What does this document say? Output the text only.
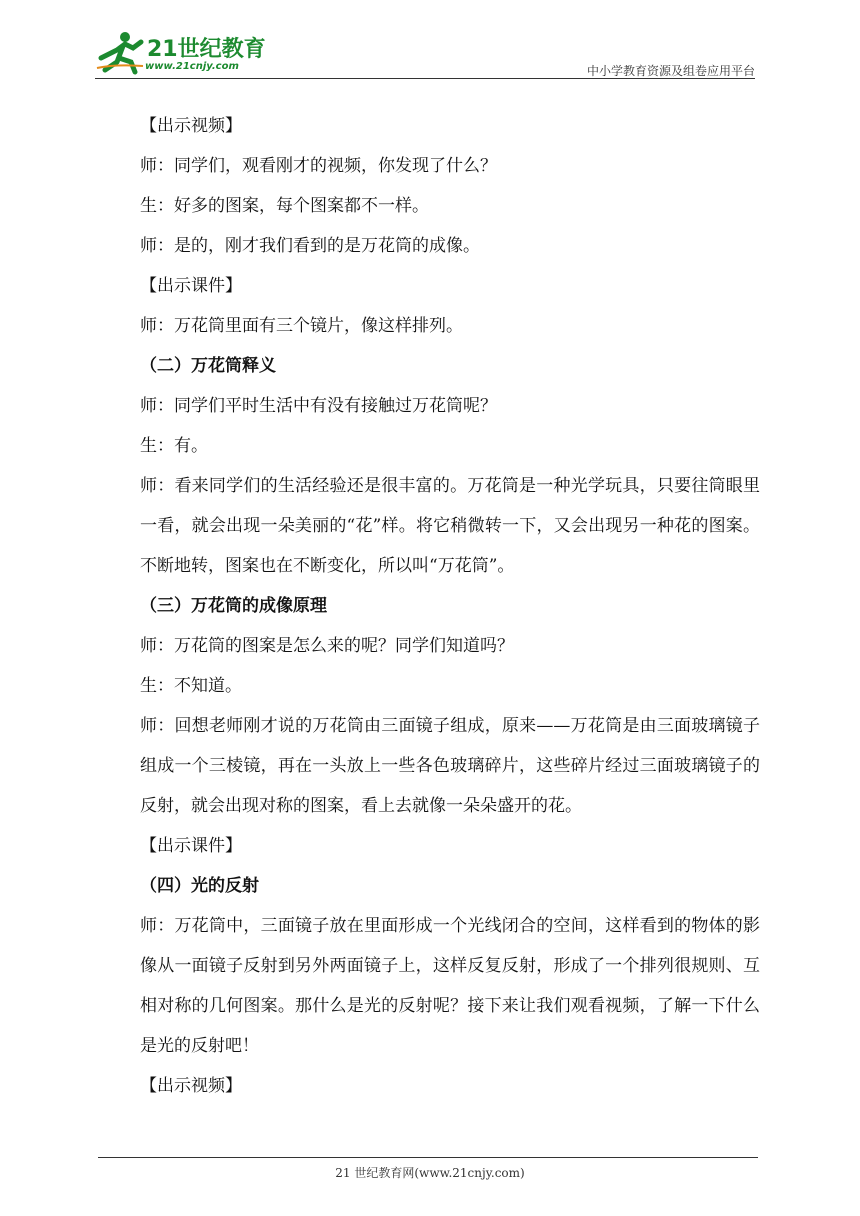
21世纪教育
www.21cnjy.com	中小学教育资源及组卷应用平台

【出示视频】

师：同学们，观看刚才的视频，你发现了什么？

生：好多的图案，每个图案都不一样。

师：是的，刚才我们看到的是万花筒的成像。

【出示课件】

师：万花筒里面有三个镜片，像这样排列。

（二）万花筒释义

师：同学们平时生活中有没有接触过万花筒呢？

生：有。

师：看来同学们的生活经验还是很丰富的。万花筒是一种光学玩具，只要往筒眼里一看，就会出现一朵美丽的“花”样。将它稍微转一下，又会出现另一种花的图案。不断地转，图案也在不断变化，所以叫“万花筒”。

（三）万花筒的成像原理

师：万花筒的图案是怎么来的呢？同学们知道吗？

生：不知道。

师：回想老师刚才说的万花筒由三面镜子组成，原来——万花筒是由三面玻璃镜子组成一个三棱镜，再在一头放上一些各色玻璃碎片，这些碎片经过三面玻璃镜子的反射，就会出现对称的图案，看上去就像一朵朵盛开的花。

【出示课件】

（四）光的反射

师：万花筒中，三面镜子放在里面形成一个光线闭合的空间，这样看到的物体的影像从一面镜子反射到另外两面镜子上，这样反复反射，形成了一个排列很规则、互相对称的几何图案。那什么是光的反射呢？接下来让我们观看视频，了解一下什么是光的反射吧！

【出示视频】

21 世纪教育网(www.21cnjy.com)
